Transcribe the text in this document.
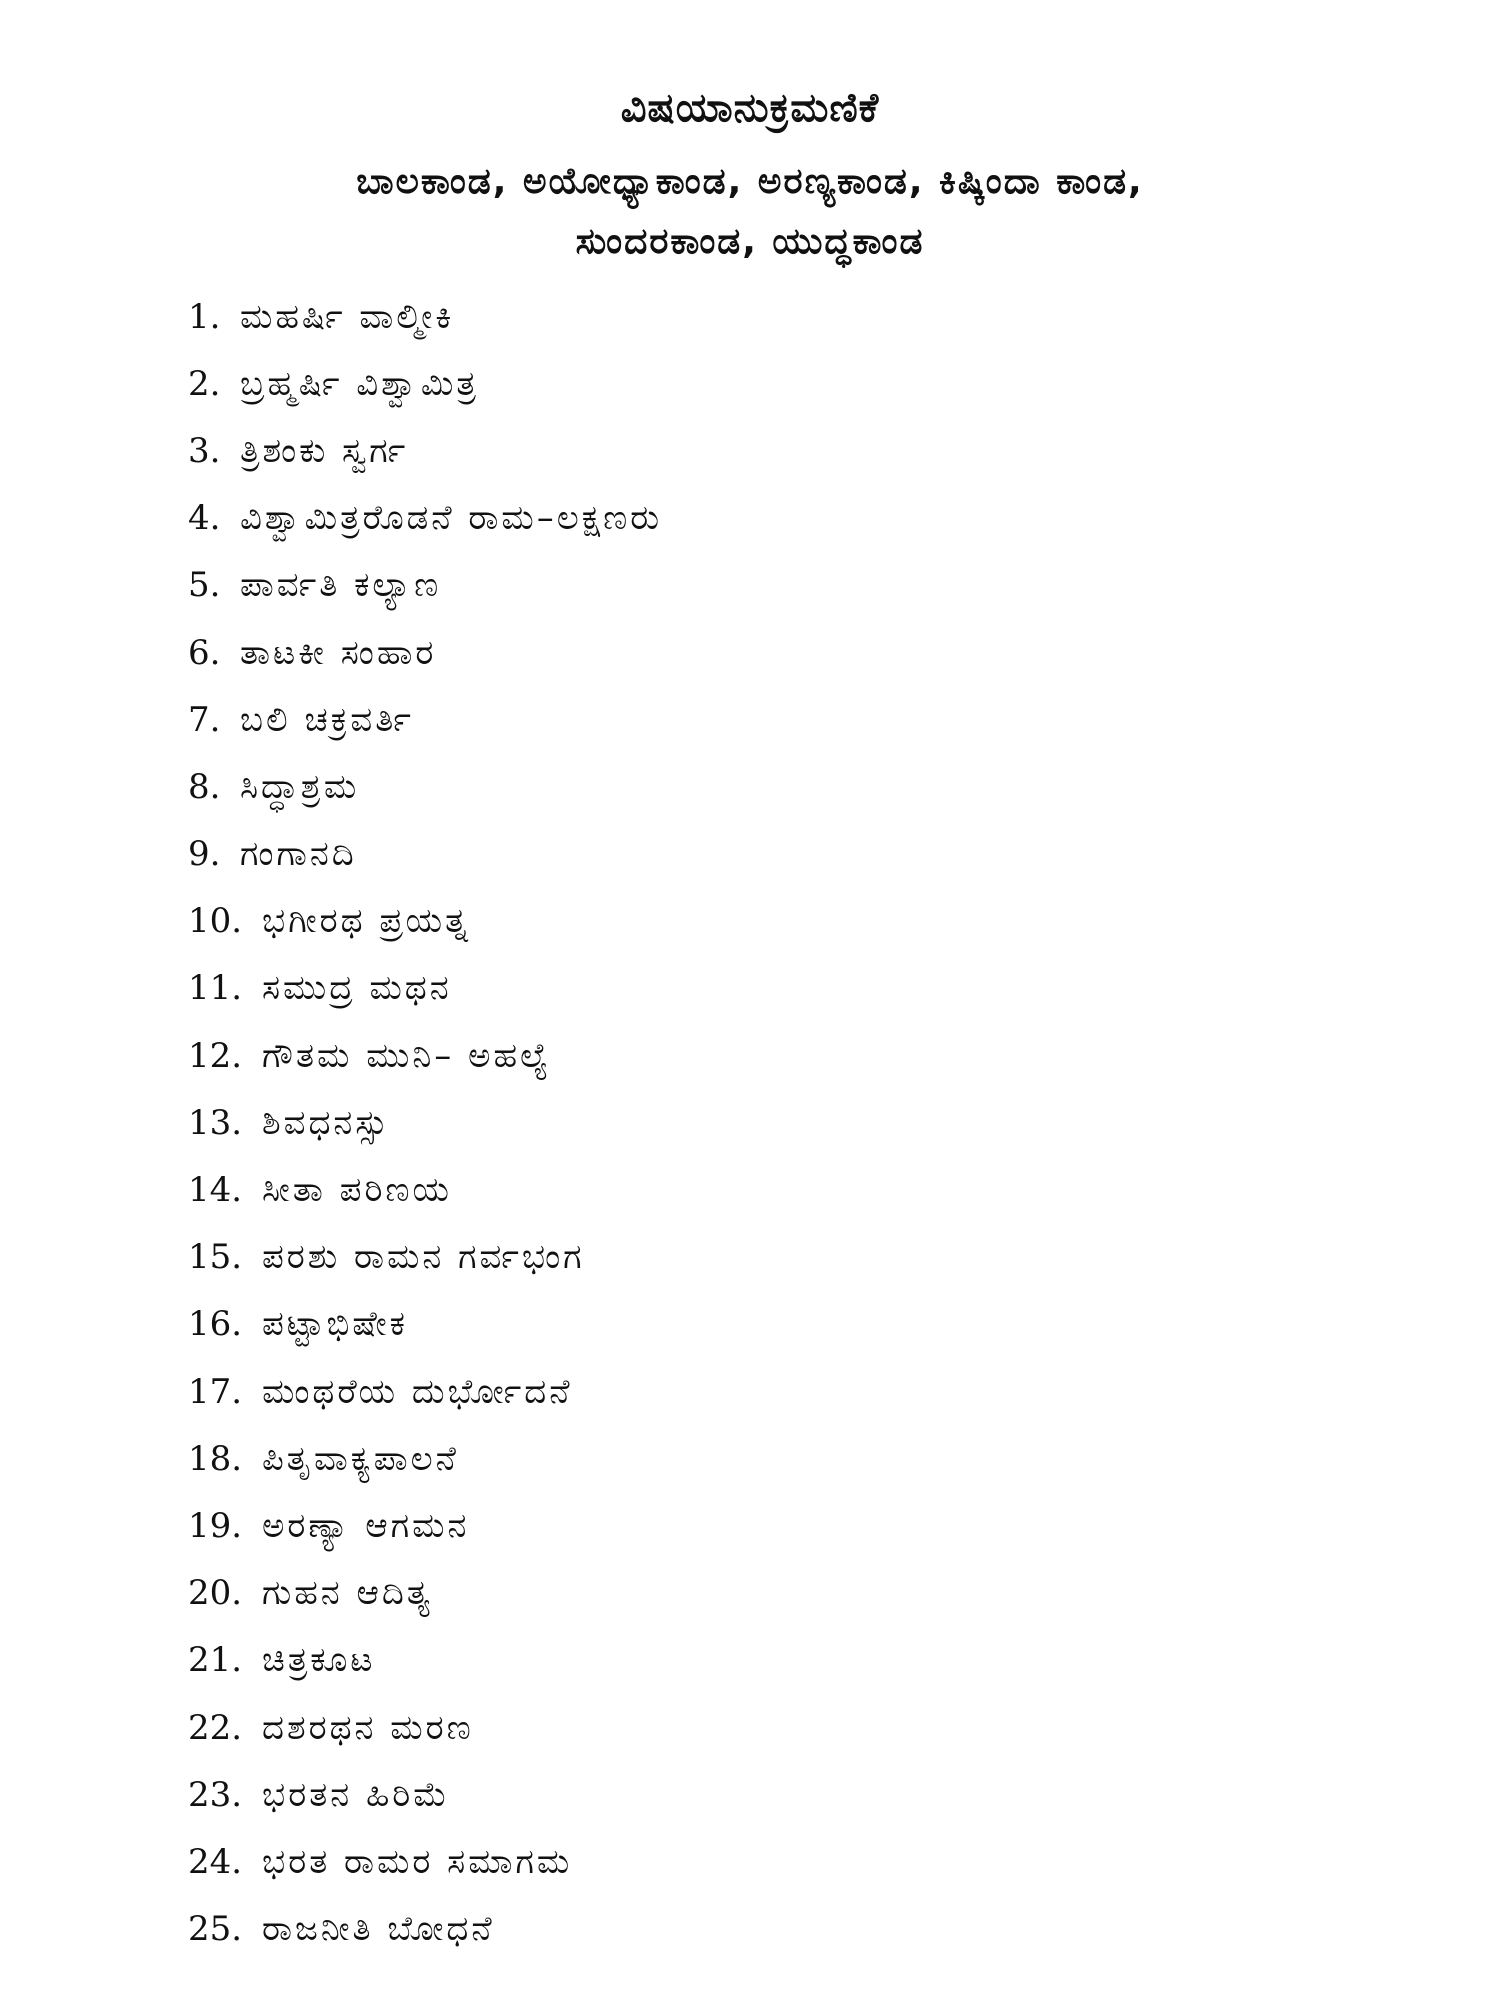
ವಿಷಯಾನುಕ್ರಮಣಿಕೆ
ಬಾಲಕಾಂಡ, ಅಯೋಧ್ಯಾಕಾಂಡ, ಅರಣ್ಯಕಾಂಡ, ಕಿಷ್ಕಿಂದಾ ಕಾಂಡ,
ಸುಂದರಕಾಂಡ, ಯುದ್ಧಕಾಂಡ
1. ಮಹರ್ಷಿ ವಾಲ್ಮೀಕಿ
2. ಬ್ರಹ್ಮರ್ಷಿ ವಿಶ್ವಾಮಿತ್ರ
3. ತ್ರಿಶಂಕು ಸ್ವರ್ಗ
4. ವಿಶ್ವಾಮಿತ್ರರೊಡನೆ ರಾಮ–ಲಕ್ಷಣರು
5. ಪಾರ್ವತಿ ಕಲ್ಯಾಣ
6. ತಾಟಕೀ ಸಂಹಾರ
7. ಬಲಿ ಚಕ್ರವರ್ತಿ
8. ಸಿದ್ಧಾಶ್ರಮ
9. ಗಂಗಾನದಿ
10. ಭಗೀರಥ ಪ್ರಯತ್ನ
11. ಸಮುದ್ರ ಮಥನ
12. ಗೌತಮ ಮುನಿ– ಅಹಲ್ಯೆ
13. ಶಿವಧನಸ್ಸು
14. ಸೀತಾ ಪರಿಣಯ
15. ಪರಶು ರಾಮನ ಗರ್ವಭಂಗ
16. ಪಟ್ಟಾಭಿಷೇಕ
17. ಮಂಥರೆಯ ದುರ್ಭೋದನೆ
18. ಪಿತೃವಾಕ್ಯಪಾಲನೆ
19. ಅರಣ್ಯಾ ಆಗಮನ
20. ಗುಹನ ಆದಿತ್ಯ
21. ಚಿತ್ರಕೂಟ
22. ದಶರಥನ ಮರಣ
23. ಭರತನ ಹಿರಿಮೆ
24. ಭರತ ರಾಮರ ಸಮಾಗಮ
25. ರಾಜನೀತಿ ಬೋಧನೆ
